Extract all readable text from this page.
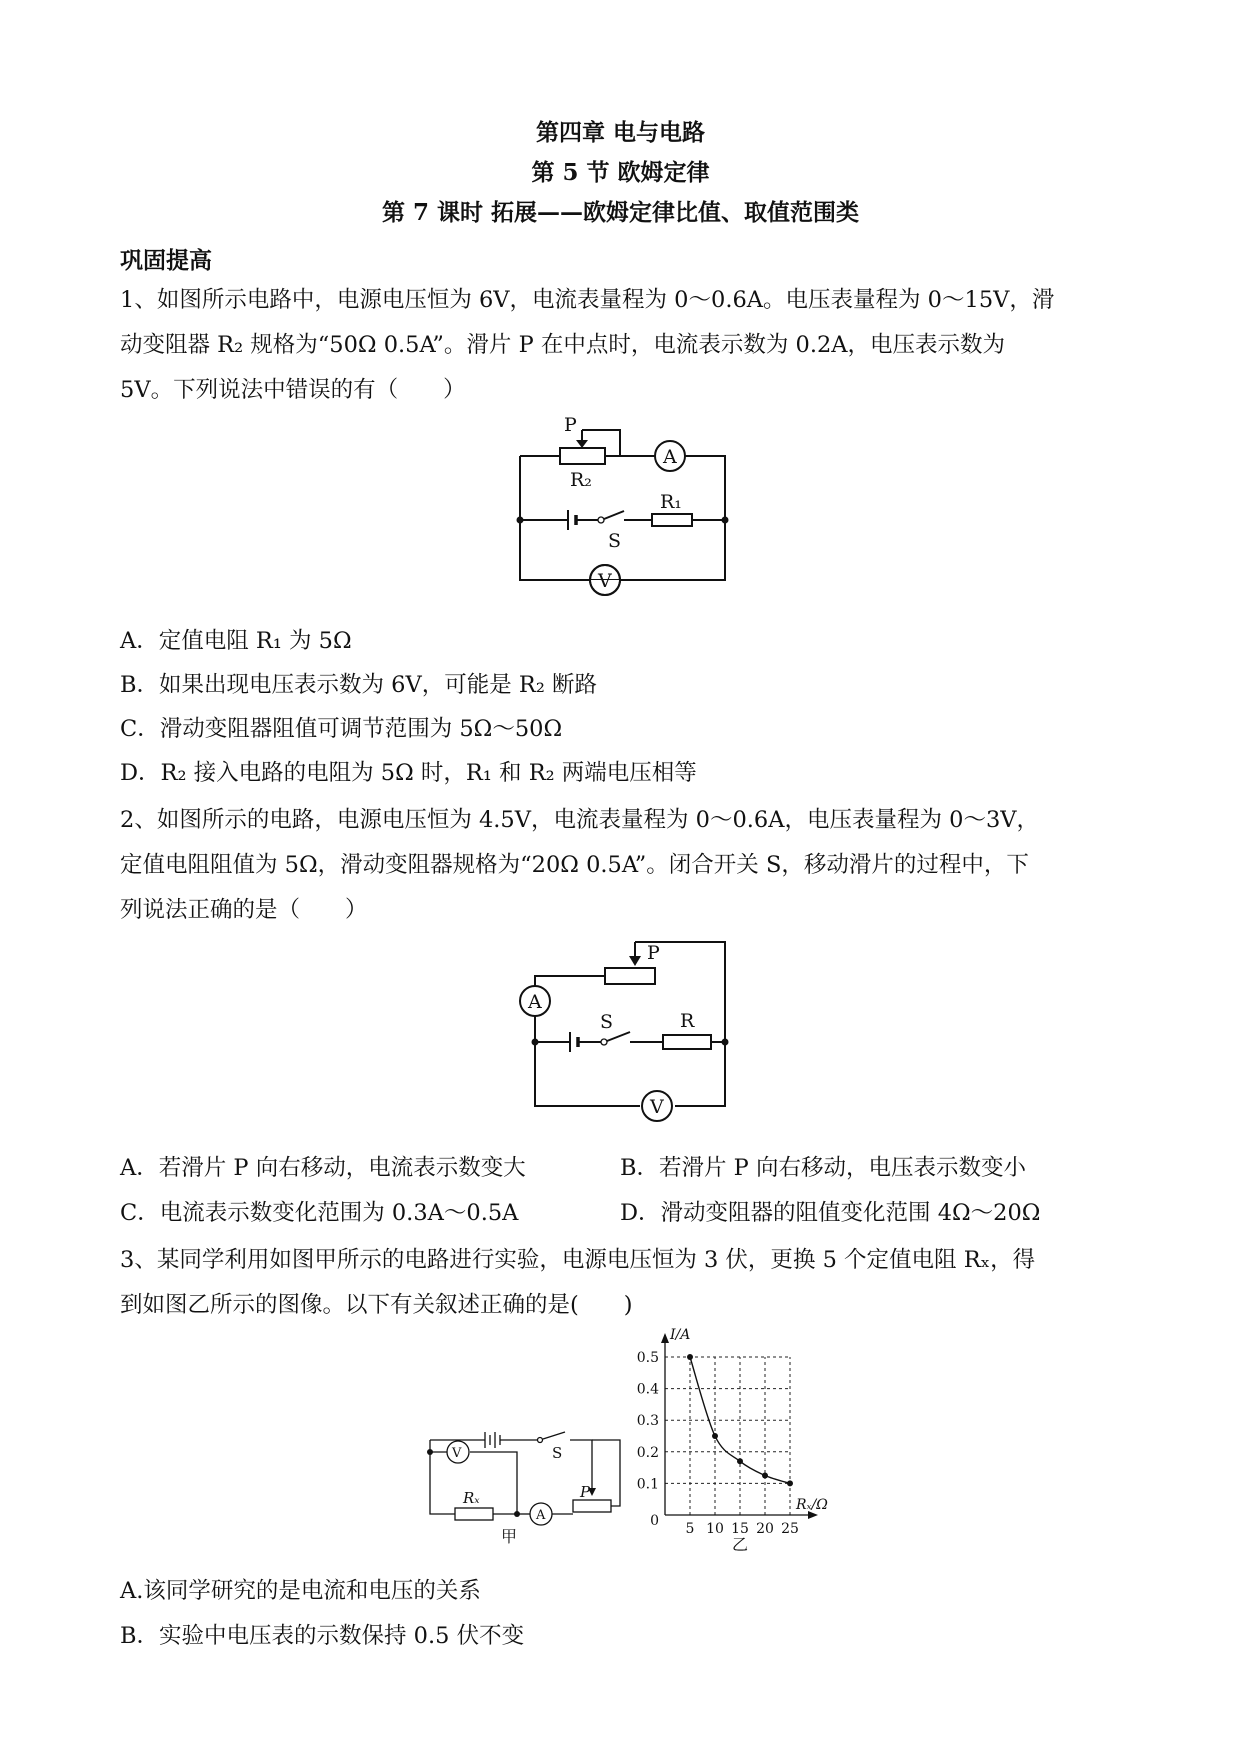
第四章 电与电路
第 5 节 欧姆定律
第 7 课时 拓展——欧姆定律比值、取值范围类
巩固提高
1、如图所示电路中，电源电压恒为 6V，电流表量程为 0～0.6A。电压表量程为 0～15V，滑
动变阻器 R₂ 规格为“50Ω 0.5A”。滑片 P 在中点时，电流表示数为 0.2A，电压表示数为
5V。下列说法中错误的有（　　）
P
R₂
R₁
S
A
V
A．定值电阻 R₁ 为 5Ω
B．如果出现电压表示数为 6V，可能是 R₂ 断路
C．滑动变阻器阻值可调节范围为 5Ω～50Ω
D．R₂ 接入电路的电阻为 5Ω 时，R₁ 和 R₂ 两端电压相等
2、如图所示的电路，电源电压恒为 4.5V，电流表量程为 0～0.6A，电压表量程为 0～3V，
定值电阻阻值为 5Ω，滑动变阻器规格为“20Ω 0.5A”。闭合开关 S，移动滑片的过程中，下
列说法正确的是（　　）
P
S	R
A
V
A．若滑片 P 向右移动，电流表示数变大	B．若滑片 P 向右移动，电压表示数变小
C．电流表示数变化范围为 0.3A～0.5A	D．滑动变阻器的阻值变化范围 4Ω～20Ω
3、某同学利用如图甲所示的电路进行实验，电源电压恒为 3 伏，更换 5 个定值电阻 Rₓ，得
到如图乙所示的图像。以下有关叙述正确的是(　　)
S
V
Rₓ
A
P
甲
0.1
0.2
0.3
0.4
0.5
5 10 15 20 25
0
I/A
Rₓ/Ω
乙
A.该同学研究的是电流和电压的关系
B．实验中电压表的示数保持 0.5 伏不变
